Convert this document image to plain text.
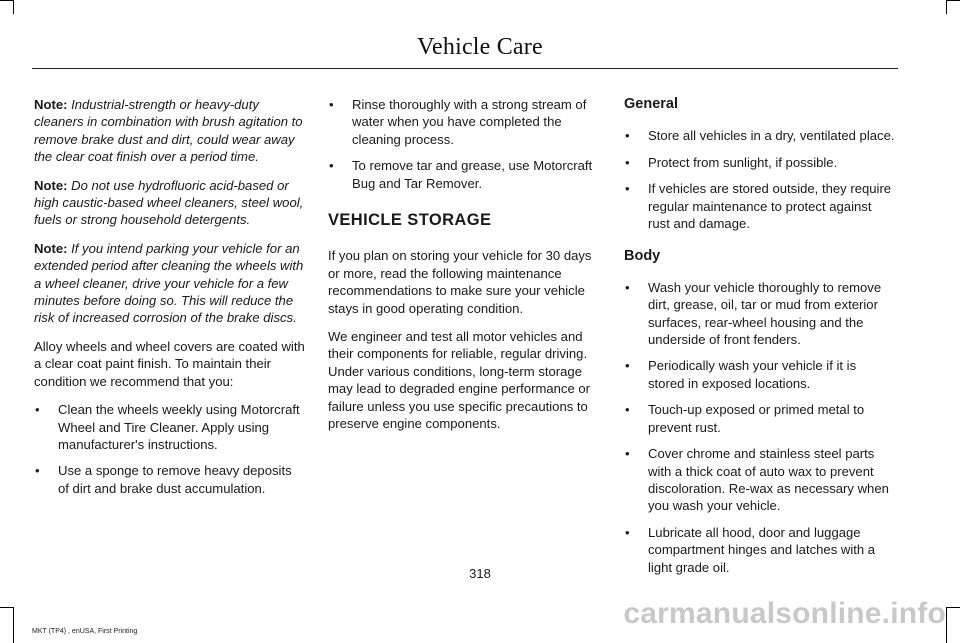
Vehicle Care

Note: Industrial-strength or heavy-duty cleaners in combination with brush agitation to remove brake dust and dirt, could wear away the clear coat finish over a period time.

Note: Do not use hydrofluoric acid-based or high caustic-based wheel cleaners, steel wool, fuels or strong household detergents.

Note: If you intend parking your vehicle for an extended period after cleaning the wheels with a wheel cleaner, drive your vehicle for a few minutes before doing so. This will reduce the risk of increased corrosion of the brake discs.

Alloy wheels and wheel covers are coated with a clear coat paint finish. To maintain their condition we recommend that you:

• Clean the wheels weekly using Motorcraft Wheel and Tire Cleaner. Apply using manufacturer's instructions.
• Use a sponge to remove heavy deposits of dirt and brake dust accumulation.
• Rinse thoroughly with a strong stream of water when you have completed the cleaning process.
• To remove tar and grease, use Motorcraft Bug and Tar Remover.
VEHICLE STORAGE

If you plan on storing your vehicle for 30 days or more, read the following maintenance recommendations to make sure your vehicle stays in good operating condition.

We engineer and test all motor vehicles and their components for reliable, regular driving. Under various conditions, long-term storage may lead to degraded engine performance or failure unless you use specific precautions to preserve engine components.

General
• Store all vehicles in a dry, ventilated place.
• Protect from sunlight, if possible.
• If vehicles are stored outside, they require regular maintenance to protect against rust and damage.
Body
• Wash your vehicle thoroughly to remove dirt, grease, oil, tar or mud from exterior surfaces, rear-wheel housing and the underside of front fenders.
• Periodically wash your vehicle if it is stored in exposed locations.
• Touch-up exposed or primed metal to prevent rust.
• Cover chrome and stainless steel parts with a thick coat of auto wax to prevent discoloration. Re-wax as necessary when you wash your vehicle.
• Lubricate all hood, door and luggage compartment hinges and latches with a light grade oil.
318
MKT (TP4) , enUSA, First Printing
carmanualsonline.info
